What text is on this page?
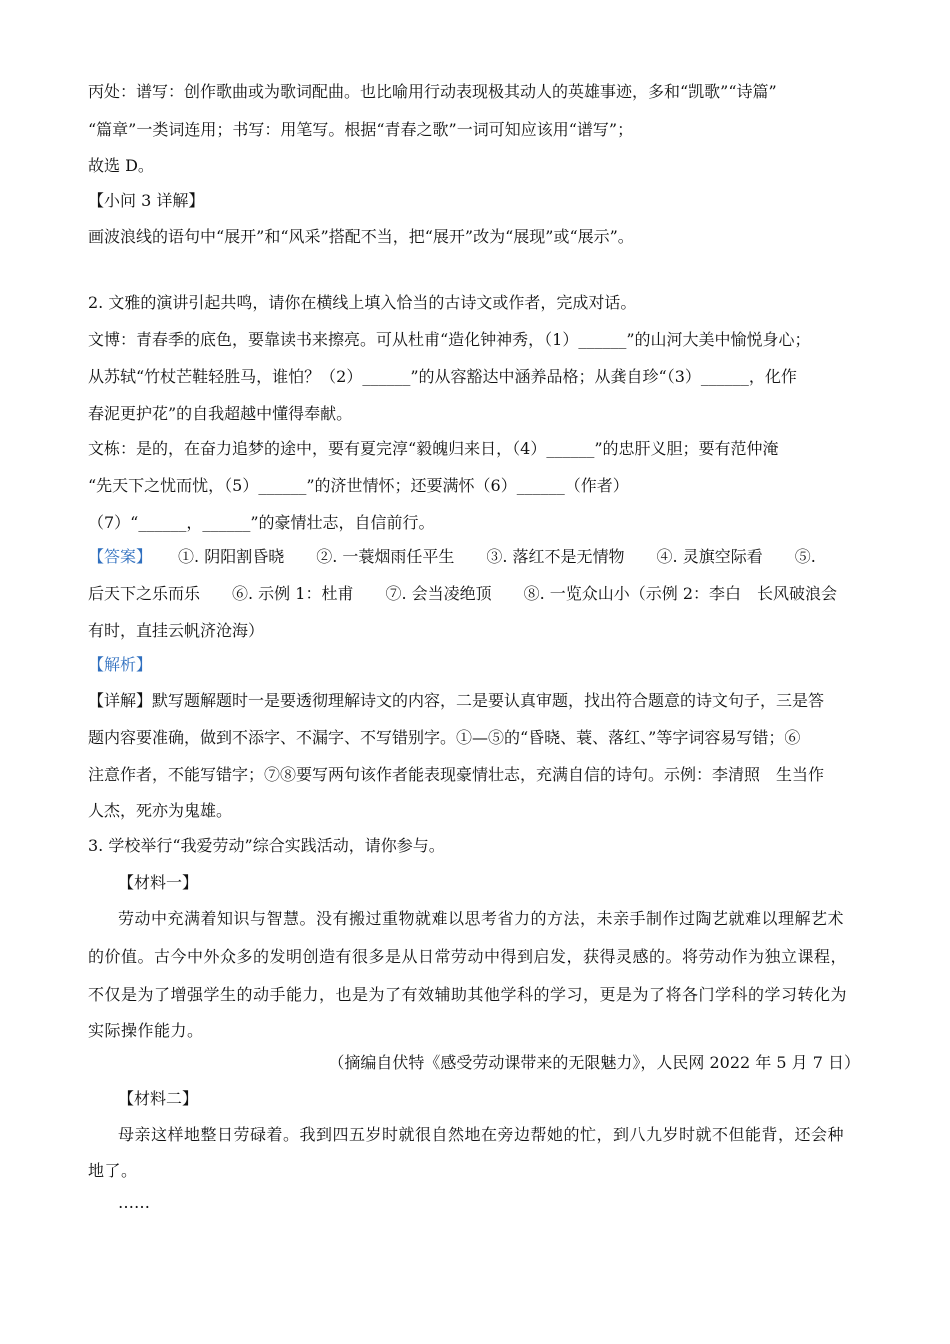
丙处：谱写：创作歌曲或为歌词配曲。也比喻用行动表现极其动人的英雄事迹，多和“凯歌”“诗篇”
“篇章”一类词连用；书写：用笔写。根据“青春之歌”一词可知应该用“谱写”；
故选 D。
【小问 3 详解】
画波浪线的语句中“展开”和“风采”搭配不当，把“展开”改为“展现”或“展示”。
2. 文雅的演讲引起共鸣，请你在横线上填入恰当的古诗文或作者，完成对话。
文博：青春季的底色，要靠读书来擦亮。可从杜甫“造化钟神秀，（1）______”的山河大美中愉悦身心；
从苏轼“竹杖芒鞋轻胜马，谁怕？（2）______”的从容豁达中涵养品格；从龚自珍“（3）______，化作
春泥更护花”的自我超越中懂得奉献。
文栋：是的，在奋力追梦的途中，要有夏完淳“毅魄归来日，（4）______”的忠肝义胆；要有范仲淹
“先天下之忧而忧，（5）______”的济世情怀；还要满怀（6）______（作者）
（7）“______，______”的豪情壮志，自信前行。
【答案】 ①. 阴阳割昏晓　　②. 一蓑烟雨任平生　　③. 落红不是无情物　　④. 灵旗空际看　　⑤.
后天下之乐而乐　　⑥. 示例 1：杜甫　　⑦. 会当凌绝顶　　⑧. 一览众山小（示例 2：李白　长风破浪会
有时，直挂云帆济沧海）
【解析】
【详解】默写题解题时一是要透彻理解诗文的内容，二是要认真审题，找出符合题意的诗文句子，三是答
题内容要准确，做到不添字、不漏字、不写错别字。①—⑤的“昏晓、蓑、落红、”等字词容易写错；⑥
注意作者，不能写错字；⑦⑧要写两句该作者能表现豪情壮志，充满自信的诗句。示例：李清照　生当作
人杰，死亦为鬼雄。
3. 学校举行“我爱劳动”综合实践活动，请你参与。
【材料一】
劳动中充满着知识与智慧。没有搬过重物就难以思考省力的方法，未亲手制作过陶艺就难以理解艺术
的价值。古今中外众多的发明创造有很多是从日常劳动中得到启发，获得灵感的。将劳动作为独立课程，
不仅是为了增强学生的动手能力，也是为了有效辅助其他学科的学习，更是为了将各门学科的学习转化为
实际操作能力。
（摘编自伏特《感受劳动课带来的无限魅力》，人民网 2022 年 5 月 7 日）
【材料二】
母亲这样地整日劳碌着。我到四五岁时就很自然地在旁边帮她的忙，到八九岁时就不但能背，还会种
地了。
……
